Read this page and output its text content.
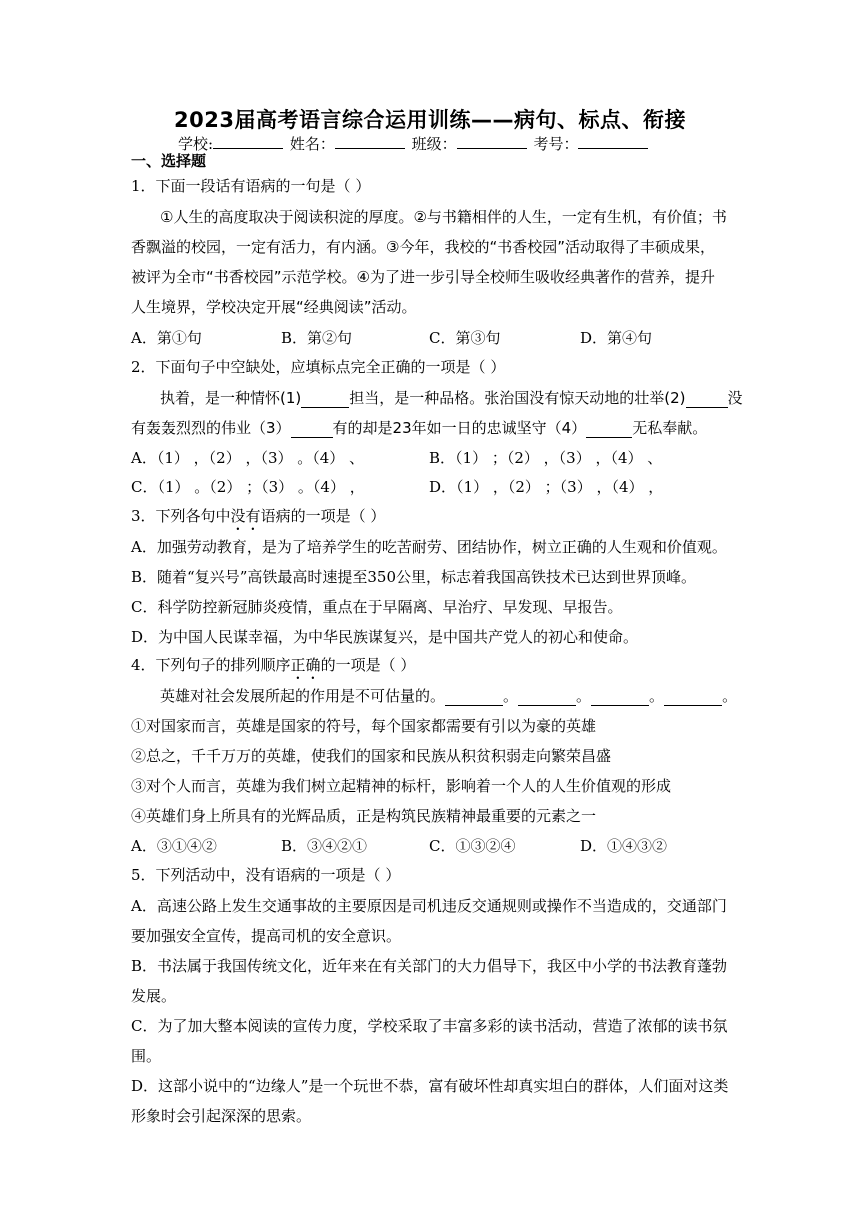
2023届高考语言综合运用训练——病句、标点、衔接
学校:	姓名：	班级：	考号：
一、选择题
1．下面一段话有语病的一句是（ ）
①人生的高度取决于阅读积淀的厚度。②与书籍相伴的人生，一定有生机，有价值；书
香飘溢的校园，一定有活力，有内涵。③今年，我校的“书香校园”活动取得了丰硕成果，
被评为全市“书香校园”示范学校。④为了进一步引导全校师生吸收经典著作的营养，提升
人生境界，学校决定开展“经典阅读”活动。
A．第①句	B．第②句	C．第③句	D．第④句
2．下面句子中空缺处，应填标点完全正确的一项是（ ）
执着，是一种情怀(1)	担当，是一种品格。张治国没有惊天动地的壮举(2)	没
有轰轰烈烈的伟业（3）	有的却是23年如一日的忠诚坚守（4）	无私奉献。
A．（1） ，（2） ，（3） 。（4） 、	B．（1） ；（2） ，（3） ，（4） 、
C．（1） 。（2） ；（3） 。（4） ，	D．（1） ，（2） ；（3） ，（4） ，
3．下列各句中没有语病的一项是（ ）
A．加强劳动教育，是为了培养学生的吃苦耐劳、团结协作，树立正确的人生观和价值观。
B．随着“复兴号”高铁最高时速提至350公里，标志着我国高铁技术已达到世界顶峰。
C．科学防控新冠肺炎疫情，重点在于早隔离、早治疗、早发现、早报告。
D．为中国人民谋幸福，为中华民族谋复兴，是中国共产党人的初心和使命。
4．下列句子的排列顺序正确的一项是（ ）
英雄对社会发展所起的作用是不可估量的。	。	。	。	。
①对国家而言，英雄是国家的符号，每个国家都需要有引以为豪的英雄
②总之，千千万万的英雄，使我们的国家和民族从积贫积弱走向繁荣昌盛
③对个人而言，英雄为我们树立起精神的标杆，影响着一个人的人生价值观的形成
④英雄们身上所具有的光辉品质，正是构筑民族精神最重要的元素之一
A．③①④②	B．③④②①	C．①③②④	D．①④③②
5．下列活动中，没有语病的一项是（ ）
A．高速公路上发生交通事故的主要原因是司机违反交通规则或操作不当造成的，交通部门
要加强安全宣传，提高司机的安全意识。
B．书法属于我国传统文化，近年来在有关部门的大力倡导下，我区中小学的书法教育蓬勃
发展。
C．为了加大整本阅读的宣传力度，学校采取了丰富多彩的读书活动，营造了浓郁的读书氛
围。
D．这部小说中的“边缘人”是一个玩世不恭，富有破坏性却真实坦白的群体，人们面对这类
形象时会引起深深的思索。
